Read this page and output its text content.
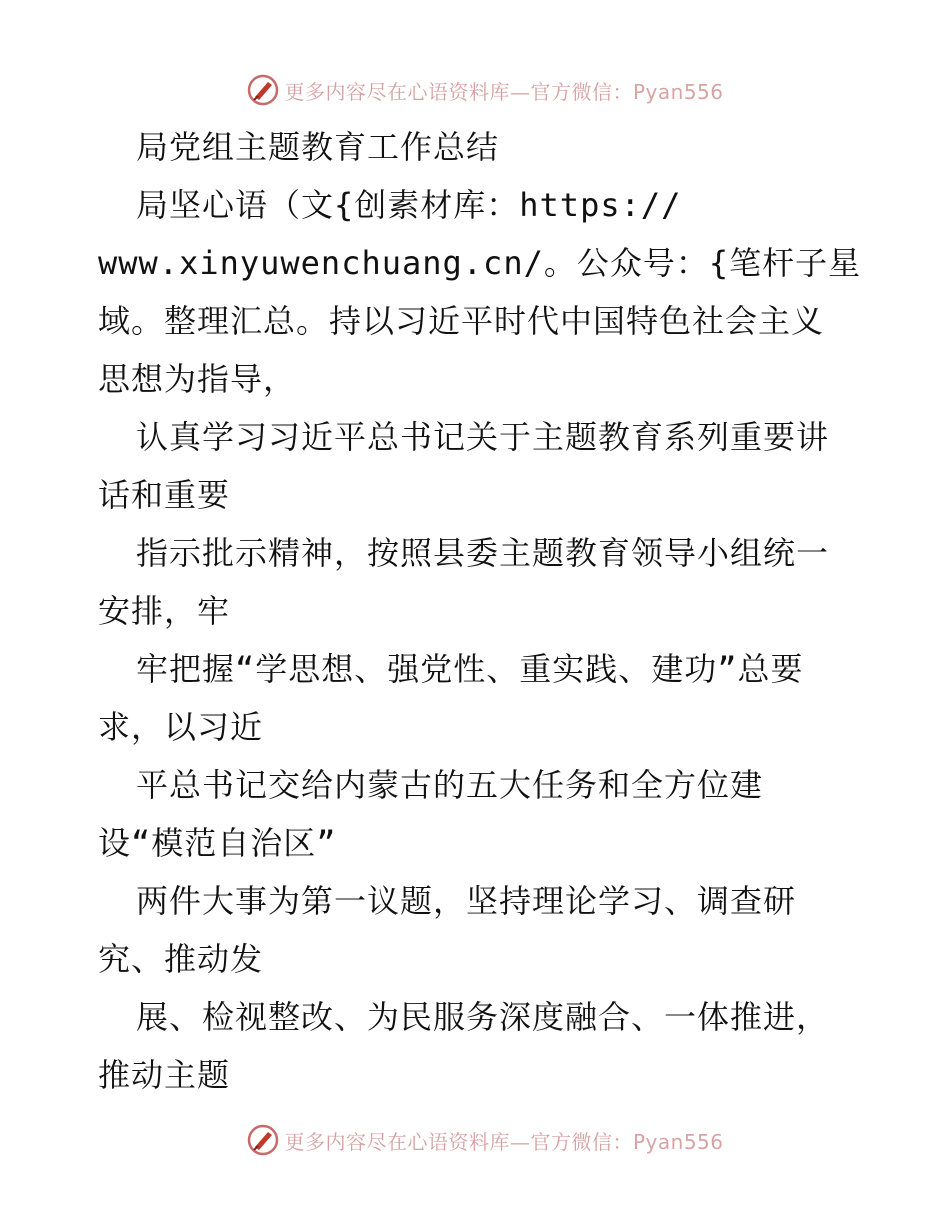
更多内容尽在心语资料库—官方微信：Pyan556
局党组主题教育工作总结
局坚心语（文{创素材库：https://
www.xinyuwenchuang.cn/。公众号：{笔杆子星
域。整理汇总。持以习近平时代中国特色社会主义
思想为指导，
认真学习习近平总书记关于主题教育系列重要讲
话和重要
指示批示精神，按照县委主题教育领导小组统一
安排，牢
牢把握“学思想、强党性、重实践、建功”总要
求，以习近
平总书记交给内蒙古的五大任务和全方位建
设“模范自治区”
两件大事为第一议题，坚持理论学习、调查研
究、推动发
展、检视整改、为民服务深度融合、一体推进，
推动主题
更多内容尽在心语资料库—官方微信：Pyan556
